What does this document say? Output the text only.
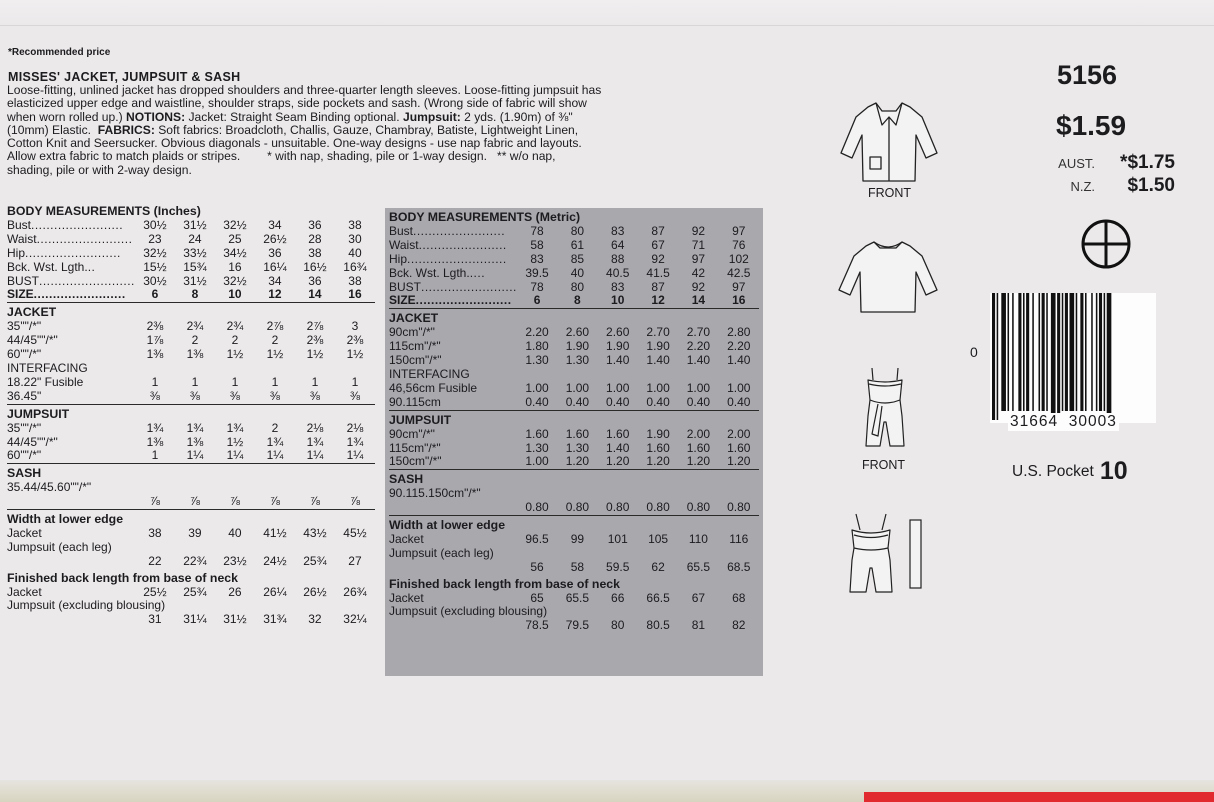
*Recommended price
MISSES' JACKET, JUMPSUIT & SASH

Loose-fitting, unlined jacket has dropped shoulders and three-quarter length sleeves. Loose-fitting jumpsuit has

elasticized upper edge and waistline, shoulder straps, side pockets and sash. (Wrong side of fabric will show

when worn rolled up.) NOTIONS: Jacket: Straight Seam Binding optional. Jumpsuit: 2 yds. (1.90m) of ⅜"

(10mm) Elastic. FABRICS: Soft fabrics: Broadcloth, Challis, Gauze, Chambray, Batiste, Lightweight Linen,

Cotton Knit and Seersucker. Obvious diagonals - unsuitable. One-way designs - use nap fabric and layouts.

Allow extra fabric to match plaids or stripes.        * with nap, shading, pile or 1-way design.   ** w/o nap,

shading, pile or with 2-way design.

BODY MEASUREMENTS (Inches)						
Bust........................	30½	31½	32½	34	36	38
Waist.........................	23	24	25	26½	28	30
Hip.........................	32½	33½	34½	36	38	40
Bck. Wst. Lgth...	15½	15¾	16	16¼	16½	16¾
BUST.........................	30½	31½	32½	34	36	38
SIZE........................	6	8	10	12	14	16
JACKET						
35""/*"	2⅜	2¾	2¾	2⅞	2⅞	3
44/45""/*"	1⅞	2	2	2	2⅜	2⅜
60""/*"	1⅜	1⅜	1½	1½	1½	1½
INTERFACING						
18.22" Fusible	1	1	1	1	1	1
36.45"	⅜	⅜	⅜	⅜	⅜	⅜
JUMPSUIT						
35""/*"	1¾	1¾	1¾	2	2⅛	2⅛
44/45""/*"	1⅜	1⅜	1½	1¾	1¾	1¾
60""/*"	1	1¼	1¼	1¼	1¼	1¼
SASH						
35.44/45.60""/*"						
	⅞	⅞	⅞	⅞	⅞	⅞
Width at lower edge						
Jacket	38	39	40	41½	43½	45½
Jumpsuit (each leg)						
	22	22¾	23½	24½	25¾	27
Finished back length from base of neck						
Jacket	25½	25¾	26	26¼	26½	26¾
Jumpsuit (excluding blousing)						
	31	31¼	31½	31¾	32	32¼
BODY MEASUREMENTS (Metric)						
Bust........................	78	80	83	87	92	97
Waist.......................	58	61	64	67	71	76
Hip..........................	83	85	88	92	97	102
Bck. Wst. Lgth.....	39.5	40	40.5	41.5	42	42.5
BUST.........................	78	80	83	87	92	97
SIZE.........................	6	8	10	12	14	16
JACKET						
90cm"/*"	2.20	2.60	2.60	2.70	2.70	2.80
115cm"/*"	1.80	1.90	1.90	1.90	2.20	2.20
150cm"/*"	1.30	1.30	1.40	1.40	1.40	1.40
INTERFACING						
46,56cm Fusible	1.00	1.00	1.00	1.00	1.00	1.00
90.115cm	0.40	0.40	0.40	0.40	0.40	0.40
JUMPSUIT						
90cm"/*"	1.60	1.60	1.60	1.90	2.00	2.00
115cm"/*"	1.30	1.30	1.40	1.60	1.60	1.60
150cm"/*"	1.00	1.20	1.20	1.20	1.20	1.20
SASH						
90.115.150cm"/*"						
	0.80	0.80	0.80	0.80	0.80	0.80
Width at lower edge						
Jacket	96.5	99	101	105	110	116
Jumpsuit (each leg)						
	56	58	59.5	62	65.5	68.5
Finished back length from base of neck						
Jacket	65	65.5	66	66.5	67	68
Jumpsuit (excluding blousing)						
	78.5	79.5	80	80.5	81	82
FRONT
FRONT
5156
$1.59
AUST. *$1.75
N.Z. $1.50
0
31664  30003
U.S. Pocket 10
